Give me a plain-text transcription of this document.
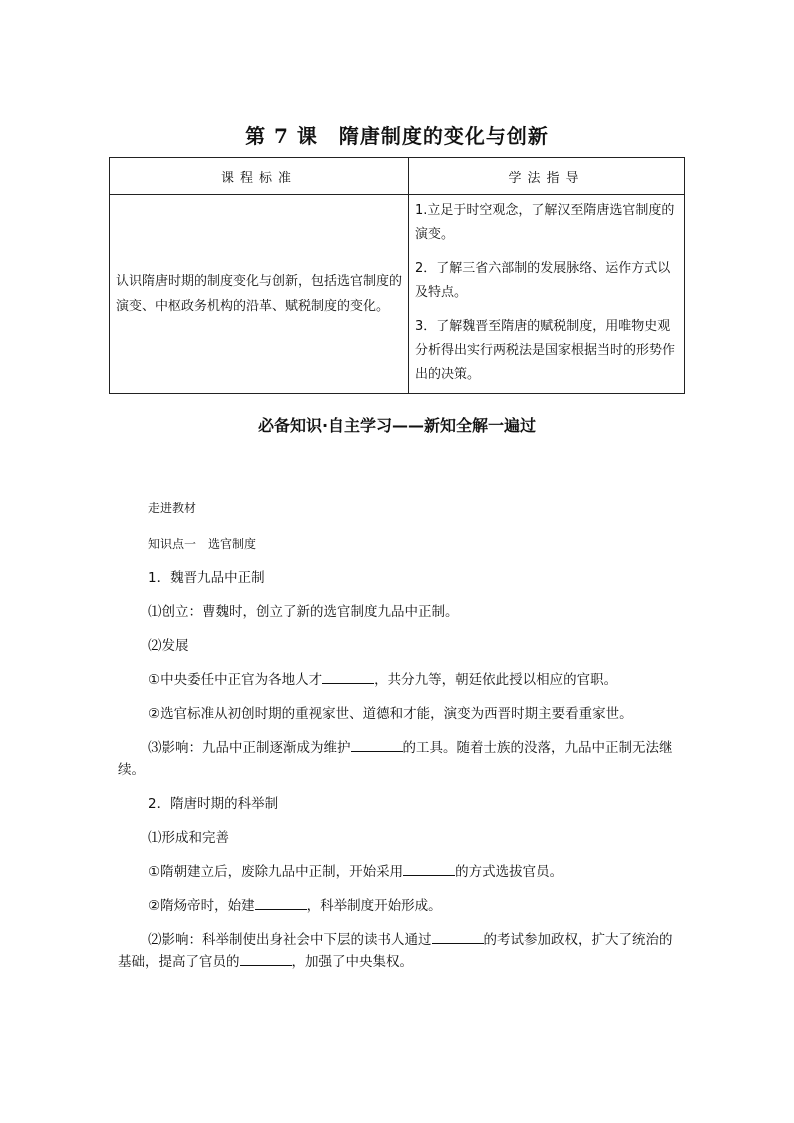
第 7 课　隋唐制度的变化与创新
课程标准	学法指导
认识隋唐时期的制度变化与创新，包括选官制度的演变、中枢政务机构的沿革、赋税制度的变化。	1.立足于时空观念，了解汉至隋唐选官制度的演变。

2．了解三省六部制的发展脉络、运作方式以及特点。

3．了解魏晋至隋唐的赋税制度，用唯物史观分析得出实行两税法是国家根据当时的形势作出的决策。

必备知识·自主学习——新知全解一遍过

走进教材

知识点一　选官制度

1．魏晋九品中正制

⑴创立：曹魏时，创立了新的选官制度九品中正制。

⑵发展

①中央委任中正官为各地人才	，共分九等，朝廷依此授以相应的官职。

②选官标准从初创时期的重视家世、道德和才能，演变为西晋时期主要看重家世。

⑶影响：九品中正制逐渐成为维护	的工具。随着士族的没落，九品中正制无法继续。

2．隋唐时期的科举制

⑴形成和完善

①隋朝建立后，废除九品中正制，开始采用	的方式选拔官员。

②隋炀帝时，始建	，科举制度开始形成。

⑵影响：科举制使出身社会中下层的读书人通过	的考试参加政权，扩大了统治的基础，提高了官员的	，加强了中央集权。
